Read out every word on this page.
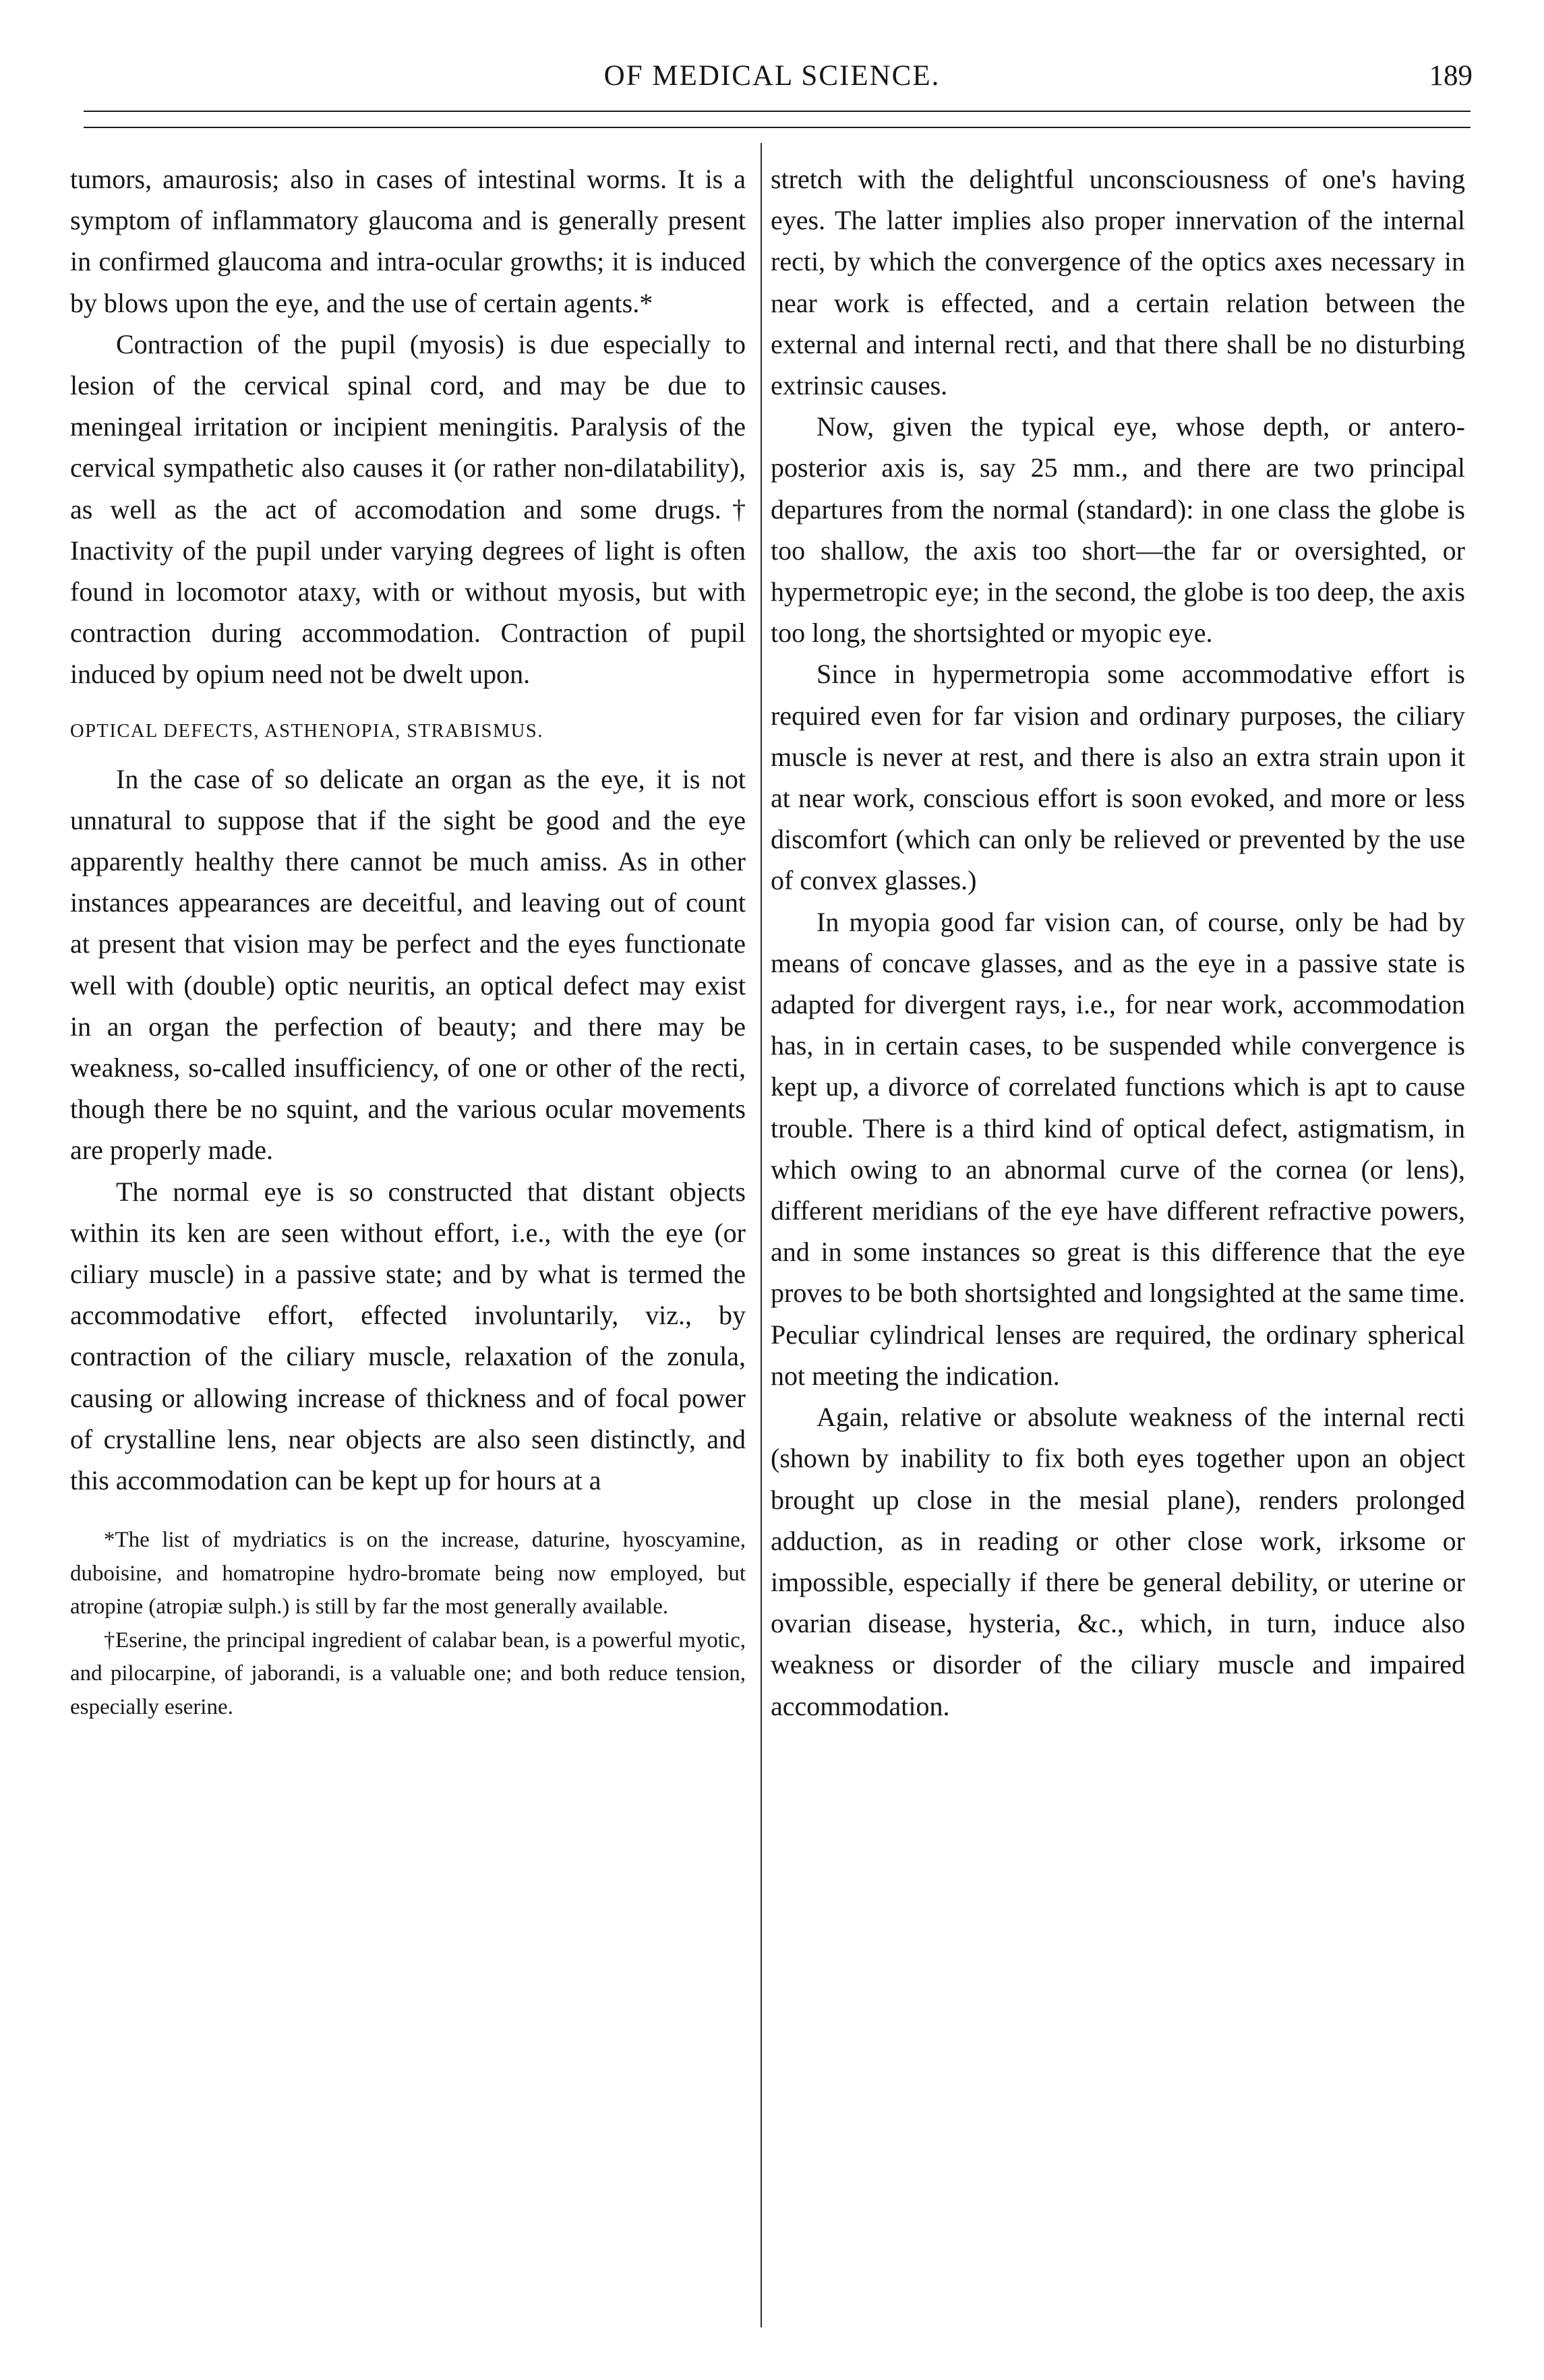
OF MEDICAL SCIENCE.	189

tumors, amaurosis; also in cases of intestinal worms. It is a symptom of inflammatory glaucoma and is generally present in confirmed glaucoma and intra-ocular growths; it is induced by blows upon the eye, and the use of certain agents.*

Contraction of the pupil (myosis) is due especially to lesion of the cervical spinal cord, and may be due to meningeal irritation or incipient meningitis. Paralysis of the cervical sympathetic also causes it (or rather non-dilatability), as well as the act of accomodation and some drugs.† Inactivity of the pupil under varying degrees of light is often found in locomotor ataxy, with or without myosis, but with contraction during accommodation. Contraction of pupil induced by opium need not be dwelt upon.

OPTICAL DEFECTS, ASTHENOPIA, STRABISMUS.

In the case of so delicate an organ as the eye, it is not unnatural to suppose that if the sight be good and the eye apparently healthy there cannot be much amiss. As in other instances appearances are deceitful, and leaving out of count at present that vision may be perfect and the eyes functionate well with (double) optic neuritis, an optical defect may exist in an organ the perfection of beauty; and there may be weakness, so-called insufficiency, of one or other of the recti, though there be no squint, and the various ocular movements are properly made.

The normal eye is so constructed that distant objects within its ken are seen without effort, i.e., with the eye (or ciliary muscle) in a passive state; and by what is termed the accommodative effort, effected involuntarily, viz., by contraction of the ciliary muscle, relaxation of the zonula, causing or allowing increase of thickness and of focal power of crystalline lens, near objects are also seen distinctly, and this accommodation can be kept up for hours at a

*The list of mydriatics is on the increase, daturine, hyoscyamine, duboisine, and homatropine hydro-bromate being now employed, but atropine (atropiæ sulph.) is still by far the most generally available.

†Eserine, the principal ingredient of calabar bean, is a powerful myotic, and pilocarpine, of jaborandi, is a valuable one; and both reduce tension, especially eserine.

stretch with the delightful unconsciousness of one's having eyes. The latter implies also proper innervation of the internal recti, by which the convergence of the optics axes necessary in near work is effected, and a certain relation between the external and internal recti, and that there shall be no disturbing extrinsic causes.

Now, given the typical eye, whose depth, or antero-posterior axis is, say 25 mm., and there are two principal departures from the normal (standard): in one class the globe is too shallow, the axis too short—the far or oversighted, or hypermetropic eye; in the second, the globe is too deep, the axis too long, the shortsighted or myopic eye.

Since in hypermetropia some accommodative effort is required even for far vision and ordinary purposes, the ciliary muscle is never at rest, and there is also an extra strain upon it at near work, conscious effort is soon evoked, and more or less discomfort (which can only be relieved or prevented by the use of convex glasses.)

In myopia good far vision can, of course, only be had by means of concave glasses, and as the eye in a passive state is adapted for divergent rays, i.e., for near work, accommodation has, in in certain cases, to be suspended while convergence is kept up, a divorce of correlated functions which is apt to cause trouble. There is a third kind of optical defect, astigmatism, in which owing to an abnormal curve of the cornea (or lens), different meridians of the eye have different refractive powers, and in some instances so great is this difference that the eye proves to be both shortsighted and longsighted at the same time. Peculiar cylindrical lenses are required, the ordinary spherical not meeting the indication.

Again, relative or absolute weakness of the internal recti (shown by inability to fix both eyes together upon an object brought up close in the mesial plane), renders prolonged adduction, as in reading or other close work, irksome or impossible, especially if there be general debility, or uterine or ovarian disease, hysteria, &c., which, in turn, induce also weakness or disorder of the ciliary muscle and impaired accommodation.
